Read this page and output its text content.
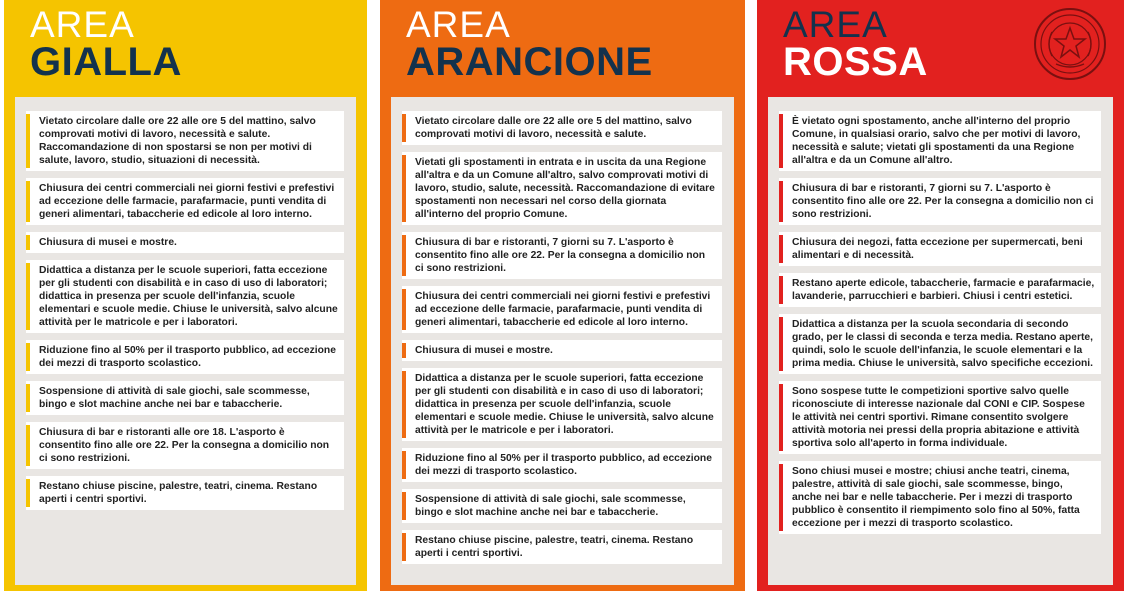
AREA
GIALLA
Vietato circolare dalle ore 22 alle ore 5 del mattino, salvo comprovati motivi di lavoro, necessità e salute. Raccomandazione di non spostarsi se non per motivi di salute, lavoro, studio, situazioni di necessità.
Chiusura dei centri commerciali nei giorni festivi e prefestivi ad eccezione delle farmacie, parafarmacie, punti vendita di generi alimentari, tabaccherie ed edicole al loro interno.
Chiusura di musei e mostre.
Didattica a distanza per le scuole superiori, fatta eccezione per gli studenti con disabilità e in caso di uso di laboratori; didattica in presenza per scuole dell'infanzia, scuole elementari e scuole medie. Chiuse le università, salvo alcune attività per le matricole e per i laboratori.
Riduzione fino al 50% per il trasporto pubblico, ad eccezione dei mezzi di trasporto scolastico.
Sospensione di attività di sale giochi, sale scommesse, bingo e slot machine anche nei bar e tabaccherie.
Chiusura di bar e ristoranti alle ore 18. L'asporto è consentito fino alle ore 22. Per la consegna a domicilio non ci sono restrizioni.
Restano chiuse piscine, palestre, teatri, cinema. Restano aperti i centri sportivi.
AREA
ARANCIONE
Vietato circolare dalle ore 22 alle ore 5 del mattino, salvo comprovati motivi di lavoro, necessità e salute.
Vietati gli spostamenti in entrata e in uscita da una Regione all'altra e da un Comune all'altro, salvo comprovati motivi di lavoro, studio, salute, necessità. Raccomandazione di evitare spostamenti non necessari nel corso della giornata all'interno del proprio Comune.
Chiusura di bar e ristoranti, 7 giorni su 7. L'asporto è consentito fino alle ore 22. Per la consegna a domicilio non ci sono restrizioni.
Chiusura dei centri commerciali nei giorni festivi e prefestivi ad eccezione delle farmacie, parafarmacie, punti vendita di generi alimentari, tabaccherie ed edicole al loro interno.
Chiusura di musei e mostre.
Didattica a distanza per le scuole superiori, fatta eccezione per gli studenti con disabilità e in caso di uso di laboratori; didattica in presenza per scuole dell'infanzia, scuole elementari e scuole medie. Chiuse le università, salvo alcune attività per le matricole e per i laboratori.
Riduzione fino al 50% per il trasporto pubblico, ad eccezione dei mezzi di trasporto scolastico.
Sospensione di attività di sale giochi, sale scommesse, bingo e slot machine anche nei bar e tabaccherie.
Restano chiuse piscine, palestre, teatri, cinema. Restano aperti i centri sportivi.
AREA
ROSSA
È vietato ogni spostamento, anche all'interno del proprio Comune, in qualsiasi orario, salvo che per motivi di lavoro, necessità e salute; vietati gli spostamenti da una Regione all'altra e da un Comune all'altro.
Chiusura di bar e ristoranti, 7 giorni su 7. L'asporto è consentito fino alle ore 22. Per la consegna a domicilio non ci sono restrizioni.
Chiusura dei negozi, fatta eccezione per supermercati, beni alimentari e di necessità.
Restano aperte edicole, tabaccherie, farmacie e parafarmacie, lavanderie, parrucchieri e barbieri. Chiusi i centri estetici.
Didattica a distanza per la scuola secondaria di secondo grado, per le classi di seconda e terza media. Restano aperte, quindi, solo le scuole dell'infanzia, le scuole elementari e la prima media. Chiuse le università, salvo specifiche eccezioni.
Sono sospese tutte le competizioni sportive salvo quelle riconosciute di interesse nazionale dal CONI e CIP. Sospese le attività nei centri sportivi. Rimane consentito svolgere attività motoria nei pressi della propria abitazione e attività sportiva solo all'aperto in forma individuale.
Sono chiusi musei e mostre; chiusi anche teatri, cinema, palestre, attività di sale giochi, sale scommesse, bingo, anche nei bar e nelle tabaccherie. Per i mezzi di trasporto pubblico è consentito il riempimento solo fino al 50%, fatta eccezione per i mezzi di trasporto scolastico.
